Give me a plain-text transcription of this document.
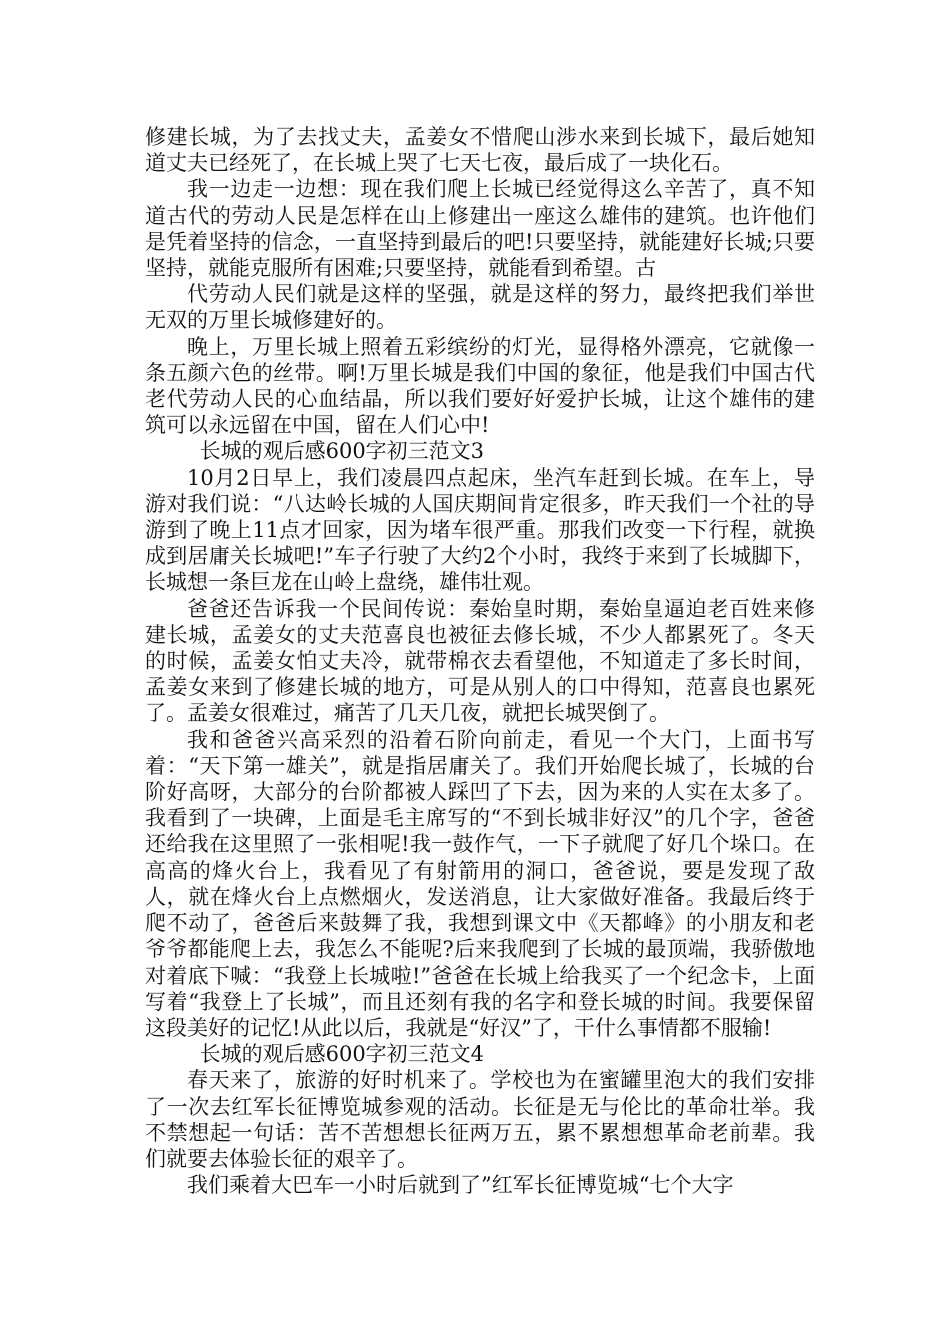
修建长城，为了去找丈夫，孟姜女不惜爬山涉水来到长城下，最后她知道丈夫已经死了，在长城上哭了七天七夜，最后成了一块化石。

我一边走一边想：现在我们爬上长城已经觉得这么辛苦了，真不知道古代的劳动人民是怎样在山上修建出一座这么雄伟的建筑。也许他们是凭着坚持的信念，一直坚持到最后的吧!只要坚持，就能建好长城;只要坚持，就能克服所有困难;只要坚持，就能看到希望。古

代劳动人民们就是这样的坚强，就是这样的努力，最终把我们举世无双的万里长城修建好的。

晚上，万里长城上照着五彩缤纷的灯光，显得格外漂亮，它就像一条五颜六色的丝带。啊!万里长城是我们中国的象征，他是我们中国古代老代劳动人民的心血结晶，所以我们要好好爱护长城，让这个雄伟的建筑可以永远留在中国，留在人们心中!

长城的观后感600字初三范文3

10月2日早上，我们凌晨四点起床，坐汽车赶到长城。在车上，导游对我们说：“八达岭长城的人国庆期间肯定很多，昨天我们一个社的导游到了晚上11点才回家，因为堵车很严重。那我们改变一下行程，就换成到居庸关长城吧!”车子行驶了大约2个小时，我终于来到了长城脚下，长城想一条巨龙在山岭上盘绕，雄伟壮观。

爸爸还告诉我一个民间传说：秦始皇时期，秦始皇逼迫老百姓来修建长城，孟姜女的丈夫范喜良也被征去修长城，不少人都累死了。冬天的时候，孟姜女怕丈夫冷，就带棉衣去看望他，不知道走了多长时间，孟姜女来到了修建长城的地方，可是从别人的口中得知，范喜良也累死了。孟姜女很难过，痛苦了几天几夜，就把长城哭倒了。

我和爸爸兴高采烈的沿着石阶向前走，看见一个大门，上面书写着：“天下第一雄关”，就是指居庸关了。我们开始爬长城了，长城的台阶好高呀，大部分的台阶都被人踩凹了下去，因为来的人实在太多了。我看到了一块碑，上面是毛主席写的“不到长城非好汉”的几个字，爸爸还给我在这里照了一张相呢!我一鼓作气，一下子就爬了好几个垛口。在高高的烽火台上，我看见了有射箭用的洞口，爸爸说，要是发现了敌人，就在烽火台上点燃烟火，发送消息，让大家做好准备。我最后终于爬不动了，爸爸后来鼓舞了我，我想到课文中《天都峰》的小朋友和老爷爷都能爬上去，我怎么不能呢?后来我爬到了长城的最顶端，我骄傲地对着底下喊：“我登上长城啦!”爸爸在长城上给我买了一个纪念卡，上面写着“我登上了长城”，而且还刻有我的名字和登长城的时间。我要保留这段美好的记忆!从此以后，我就是“好汉”了，干什么事情都不服输!

长城的观后感600字初三范文4

春天来了，旅游的好时机来了。学校也为在蜜罐里泡大的我们安排了一次去红军长征博览城参观的活动。长征是无与伦比的革命壮举。我不禁想起一句话：苦不苦想想长征两万五，累不累想想革命老前辈。我们就要去体验长征的艰辛了。

我们乘着大巴车一小时后就到了”红军长征博览城“七个大字
